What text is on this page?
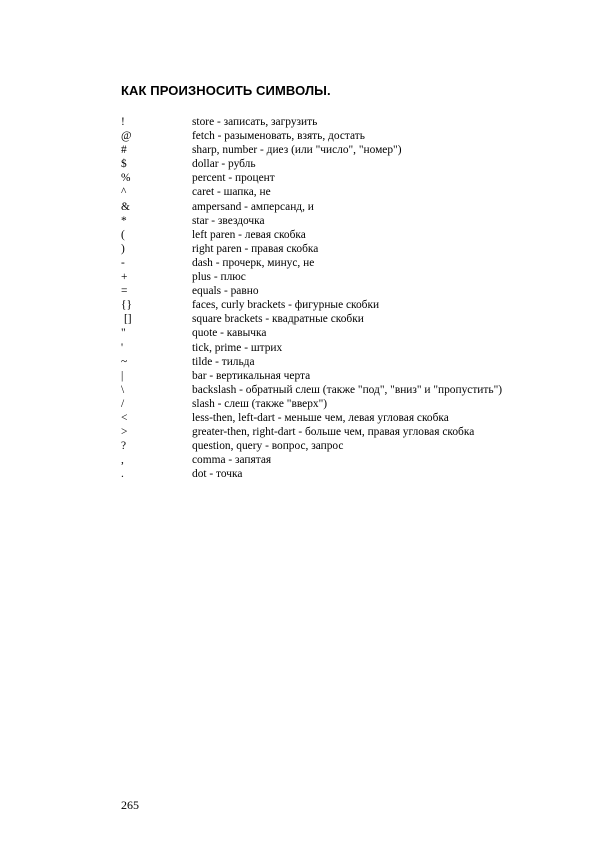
КАК ПРОИЗНОСИТЬ СИМВОЛЫ.
!	store - записать, загрузить
@	fetch - разыменовать, взять, достать
#	sharp, number - диез (или "число", "номер")
$	dollar - рубль
%	percent - процент
^	caret - шапка, не
&	ampersand - амперсанд, и
*	star - звездочка
(	left paren - левая скобка
)	right paren - правая скобка
-	dash - прочерк, минус, не
+	plus - плюс
=	equals - равно
{}	faces, curly brackets - фигурные скобки
[]	square brackets - квадратные скобки
"	quote - кавычка
'	tick, prime - штрих
~	tilde - тильда
|	bar - вертикальная черта
\	backslash - обратный слеш (также "под", "вниз" и "пропустить")
/	slash - слеш (также "вверх")
<	less-then, left-dart - меньше чем, левая угловая скобка
>	greater-then, right-dart - больше чем, правая угловая скобка
?	question, query - вопрос, запрос
,	comma - запятая
.	dot - точка

265
